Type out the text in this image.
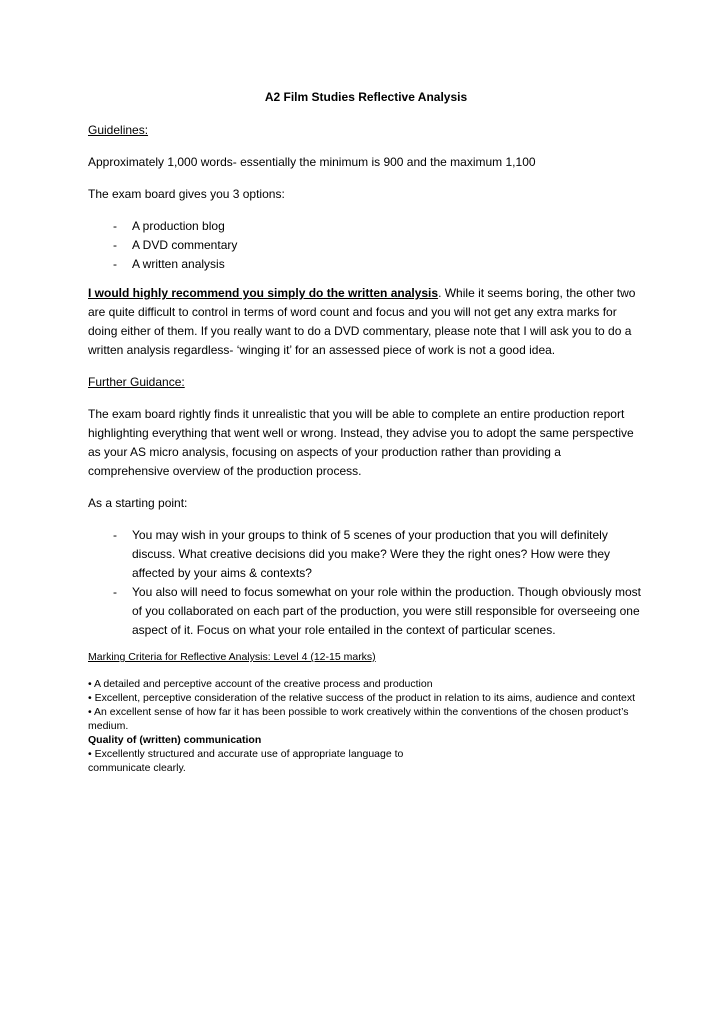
A2 Film Studies Reflective Analysis

Guidelines:

Approximately 1,000 words- essentially the minimum is 900 and the maximum 1,100

The exam board gives you 3 options:

- A production blog
- A DVD commentary
- A written analysis

I would highly recommend you simply do the written analysis. While it seems boring, the other two are quite difficult to control in terms of word count and focus and you will not get any extra marks for doing either of them. If you really want to do a DVD commentary, please note that I will ask you to do a written analysis regardless- ‘winging it’ for an assessed piece of work is not a good idea.

Further Guidance:

The exam board rightly finds it unrealistic that you will be able to complete an entire production report highlighting everything that went well or wrong. Instead, they advise you to adopt the same perspective as your AS micro analysis, focusing on aspects of your production rather than providing a comprehensive overview of the production process.

As a starting point:

- You may wish in your groups to think of 5 scenes of your production that you will definitely discuss. What creative decisions did you make? Were they the right ones? How were they affected by your aims & contexts?
- You also will need to focus somewhat on your role within the production. Though obviously most of you collaborated on each part of the production, you were still responsible for overseeing one aspect of it. Focus on what your role entailed in the context of particular scenes.
Marking Criteria for Reflective Analysis: Level 4 (12-15 marks)
• A detailed and perceptive account of the creative process and production
• Excellent, perceptive consideration of the relative success of the product in relation to its aims, audience and context
• An excellent sense of how far it has been possible to work creatively within the conventions of the chosen product’s medium.
Quality of (written) communication
• Excellently structured and accurate use of appropriate language to communicate clearly.
